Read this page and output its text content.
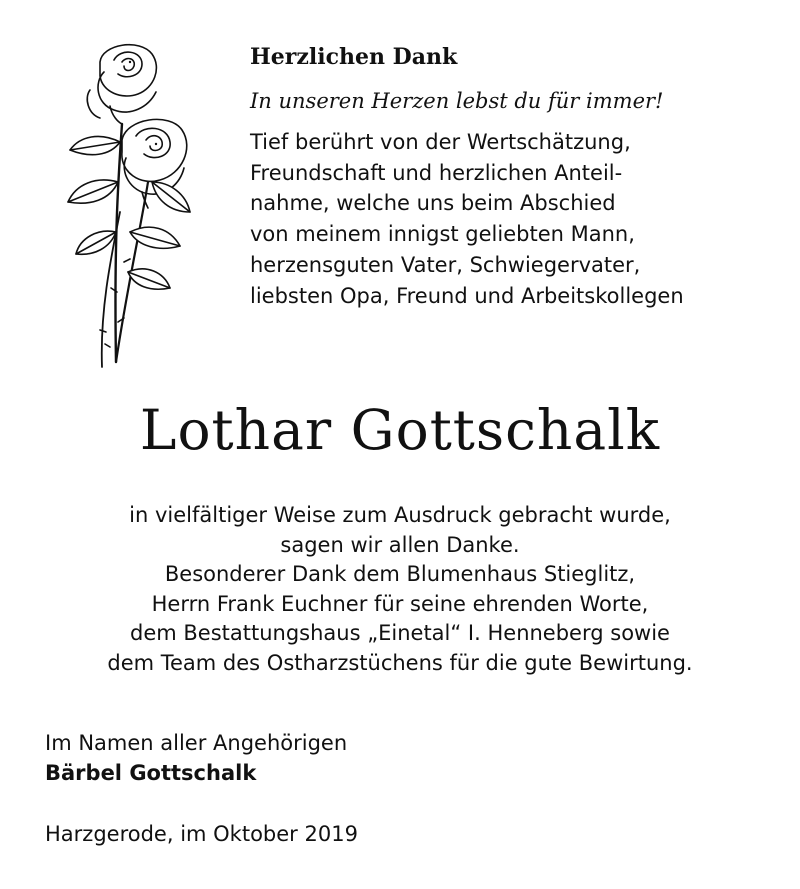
Herzlichen Dank
In unseren Herzen lebst du für immer!
Tief berührt von der Wertschätzung,
Freundschaft und herzlichen Anteil-
nahme, welche uns beim Abschied
von meinem innigst geliebten Mann,
herzensguten Vater, Schwiegervater,
liebsten Opa, Freund und Arbeitskollegen
Lothar Gottschalk
in vielfältiger Weise zum Ausdruck gebracht wurde,
sagen wir allen Danke.
Besonderer Dank dem Blumenhaus Stieglitz,
Herrn Frank Euchner für seine ehrenden Worte,
dem Bestattungshaus „Einetal“ I. Henneberg sowie
dem Team des Ostharzstüchens für die gute Bewirtung.
Im Namen aller Angehörigen
Bärbel Gottschalk
Harzgerode, im Oktober 2019
